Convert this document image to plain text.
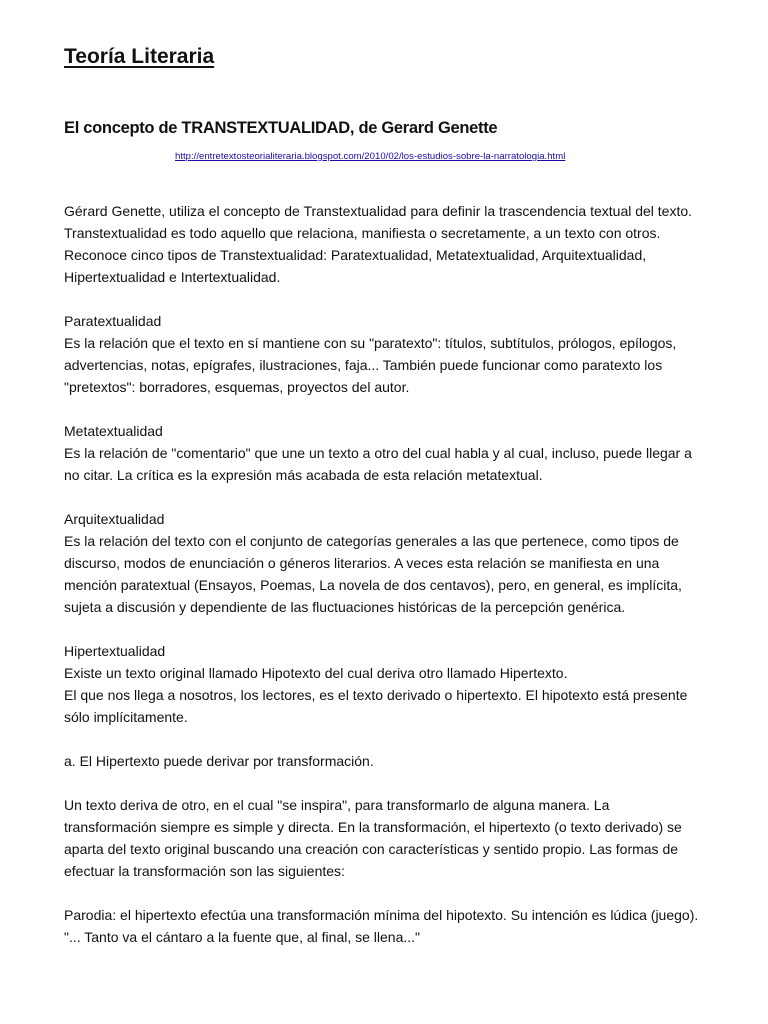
Teoría Literaria
El concepto de TRANSTEXTUALIDAD, de Gerard Genette
http://entretextosteorialiteraria.blogspot.com/2010/02/los-estudios-sobre-la-narratologia.html

Gérard Genette, utiliza el concepto de Transtextualidad para definir la trascendencia textual del texto.
Transtextualidad es todo aquello que relaciona, manifiesta o secretamente, a un texto con otros.
Reconoce cinco tipos de Transtextualidad: Paratextualidad, Metatextualidad, Arquitextualidad,
Hipertextualidad e Intertextualidad.

Paratextualidad
Es la relación que el texto en sí mantiene con su "paratexto": títulos, subtítulos, prólogos, epílogos,
advertencias, notas, epígrafes, ilustraciones, faja... También puede funcionar como paratexto los
"pretextos": borradores, esquemas, proyectos del autor.

Metatextualidad
Es la relación de "comentario" que une un texto a otro del cual habla y al cual, incluso, puede llegar a
no citar. La crítica es la expresión más acabada de esta relación metatextual.

Arquitextualidad
Es la relación del texto con el conjunto de categorías generales a las que pertenece, como tipos de
discurso, modos de enunciación o géneros literarios. A veces esta relación se manifiesta en una
mención paratextual (Ensayos, Poemas, La novela de dos centavos), pero, en general, es implícita,
sujeta a discusión y dependiente de las fluctuaciones históricas de la percepción genérica.

Hipertextualidad
Existe un texto original llamado Hipotexto del cual deriva otro llamado Hipertexto.
El que nos llega a nosotros, los lectores, es el texto derivado o hipertexto. El hipotexto está presente
sólo implícitamente.

a. El Hipertexto puede derivar por transformación.

Un texto deriva de otro, en el cual "se inspira", para transformarlo de alguna manera. La
transformación siempre es simple y directa. En la transformación, el hipertexto (o texto derivado) se
aparta del texto original buscando una creación con características y sentido propio. Las formas de
efectuar la transformación son las siguientes:

Parodia: el hipertexto efectúa una transformación mínima del hipotexto. Su intención es lúdica (juego).
"... Tanto va el cántaro a la fuente que, al final, se llena..."
